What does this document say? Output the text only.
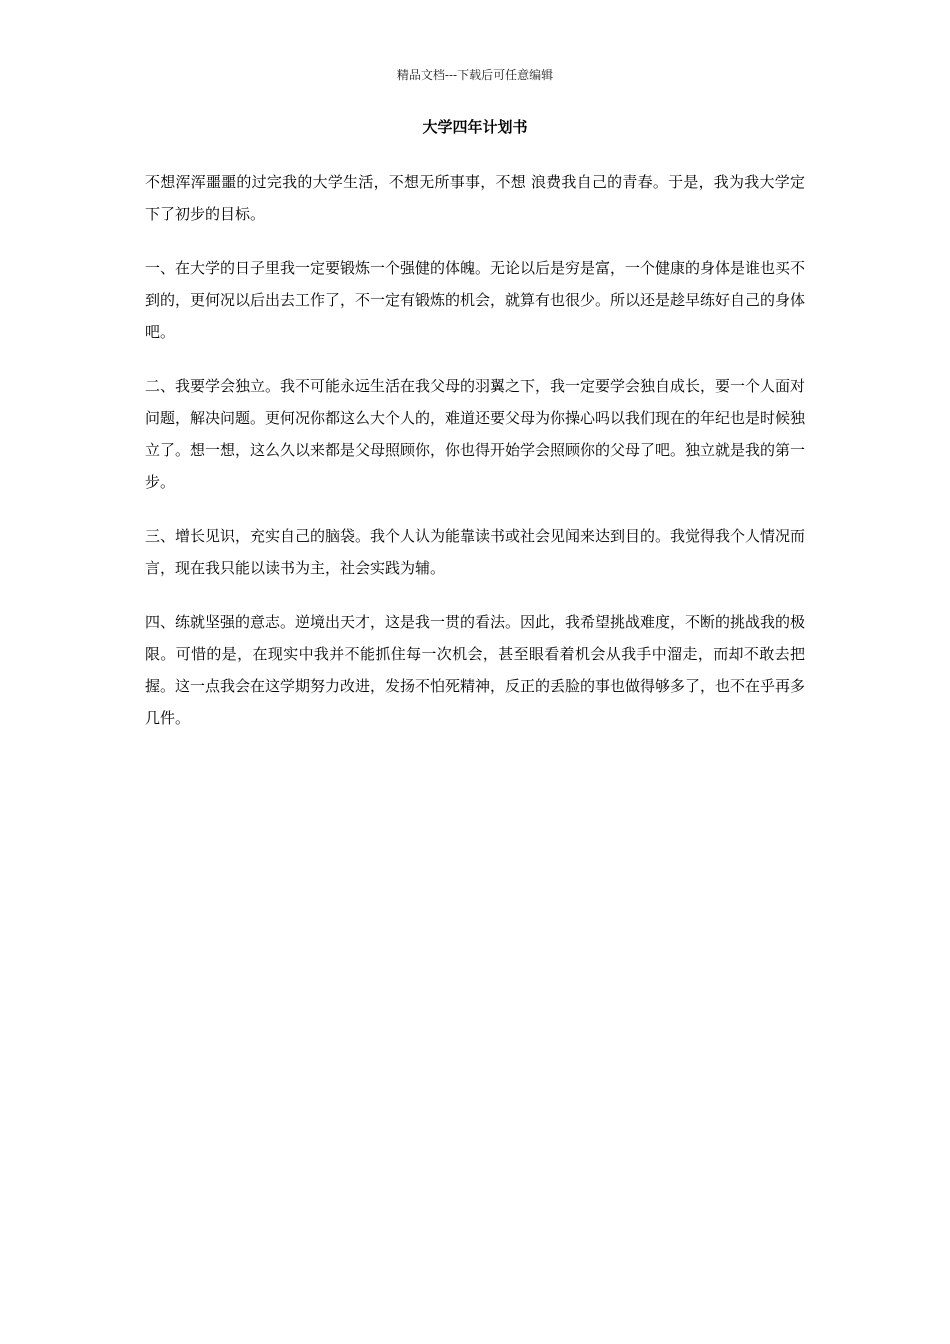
精品文档---下载后可任意编辑
大学四年计划书

不想浑浑噩噩的过完我的大学生活，不想无所事事，不想 浪费我自己的青春。于是，我为我大学定下了初步的目标。

一、在大学的日子里我一定要锻炼一个强健的体魄。无论以后是穷是富，一个健康的身体是谁也买不到的，更何况以后出去工作了，不一定有锻炼的机会，就算有也很少。所以还是趁早练好自己的身体吧。

二、我要学会独立。我不可能永远生活在我父母的羽翼之下，我一定要学会独自成长，要一个人面对问题，解决问题。更何况你都这么大个人的，难道还要父母为你操心吗以我们现在的年纪也是时候独立了。想一想，这么久以来都是父母照顾你，你也得开始学会照顾你的父母了吧。独立就是我的第一步。

三、增长见识，充实自己的脑袋。我个人认为能靠读书或社会见闻来达到目的。我觉得我个人情况而言，现在我只能以读书为主，社会实践为辅。

四、练就坚强的意志。逆境出天才，这是我一贯的看法。因此，我希望挑战难度，不断的挑战我的极限。可惜的是，在现实中我并不能抓住每一次机会，甚至眼看着机会从我手中溜走，而却不敢去把握。这一点我会在这学期努力改进，发扬不怕死精神，反正的丢脸的事也做得够多了，也不在乎再多几件。
